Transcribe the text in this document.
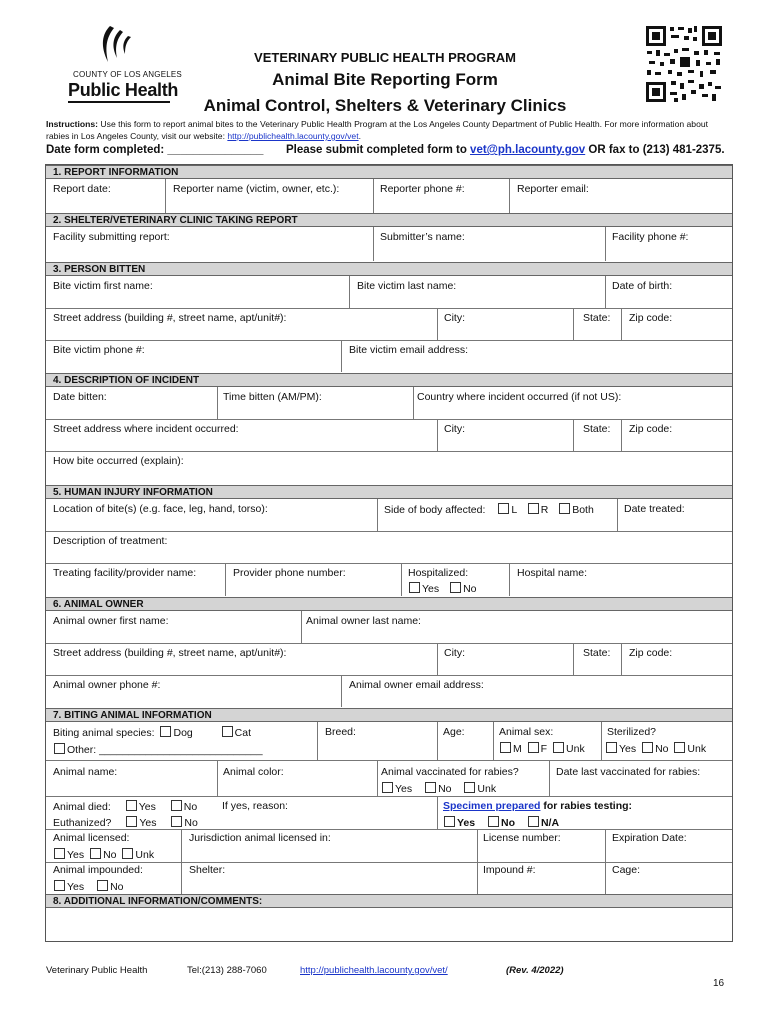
COUNTY OF LOS ANGELES
Public Health
VETERINARY PUBLIC HEALTH PROGRAM
Animal Bite Reporting Form
Animal Control, Shelters & Veterinary Clinics
Instructions: Use this form to report animal bites to the Veterinary Public Health Program at the Los Angeles County Department of Public Health. For more information about rabies in Los Angeles County, visit our website: http://publichealth.lacounty.gov/vet.
Date form completed: _______________ Please submit completed form to vet@ph.lacounty.gov OR fax to (213) 481-2375.
1. REPORT INFORMATION
Report date:	Reporter name (victim, owner, etc.):	Reporter phone #:	Reporter email:
2. SHELTER/VETERINARY CLINIC TAKING REPORT
Facility submitting report:	Submitter’s name:	Facility phone #:
3. PERSON BITTEN
Bite victim first name:	Bite victim last name:	Date of birth:
Street address (building #, street name, apt/unit#):	City:	State: Zip code:
Bite victim phone #:	Bite victim email address:
4. DESCRIPTION OF INCIDENT
Date bitten:	Time bitten (AM/PM):	Country where incident occurred (if not US):
Street address where incident occurred:	City:	State: Zip code:
How bite occurred (explain):
5. HUMAN INJURY INFORMATION
Location of bite(s) (e.g. face, leg, hand, torso):	Side of body affected: L R Both	Date treated:
Description of treatment:
Treating facility/provider name:	Provider phone number:	Hospitalized:
Yes No
Hospital name:
6. ANIMAL OWNER
Animal owner first name:	Animal owner last name:
Street address (building #, street name, apt/unit#):	City:	State: Zip code:
Animal owner phone #:	Animal owner email address:
7. BITING ANIMAL INFORMATION
Biting animal species: Dog	Cat
Other: ____________________________
Breed:	Age:	Animal sex:
M F Unk
Sterilized?
Yes No Unk
Animal name:	Animal color:	Animal vaccinated for rabies?
Yes No Unk
Date last vaccinated for rabies:
Animal died:	Yes	No
Euthanized?	Yes	No
If yes, reason:	Specimen prepared for rabies testing:
Yes No N/A
Animal licensed:
Yes No Unk
Jurisdiction animal licensed in:	License number:	Expiration Date:
Animal impounded:
Yes No
Shelter:	Impound #:	Cage:
8. ADDITIONAL INFORMATION/COMMENTS:
Veterinary Public Health	Tel:(213) 288-7060	http://publichealth.lacounty.gov/vet/	(Rev. 4/2022)
16
